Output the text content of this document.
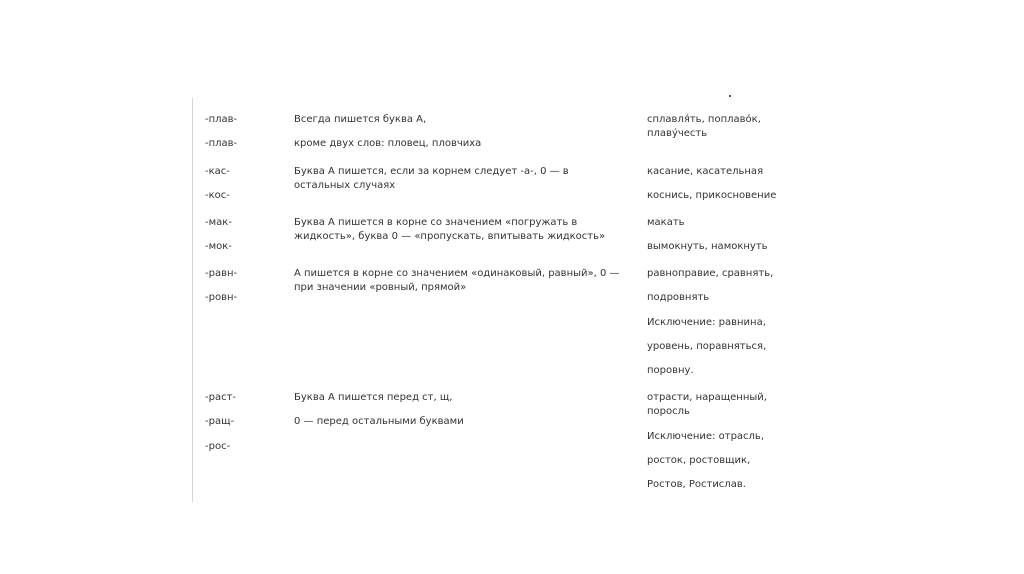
-плав-
-плав-
Всегда пишется буква А,
кроме двух слов: пловец, пловчиха
сплавля́ть, поплаво́к,
плаву́честь
-кас-
-кос-
Буква А пишется, если за корнем следует -а-, 0 — в
остальных случаях
касание, касательная
коснись, прикосновение
-мак-
-мок-
Буква А пишется в корне со значением «погружать в
жидкость», буква 0 — «пропускать, впитывать жидкость»
макать
вымокнуть, намокнуть
-равн-
-ровн-
А пишется в корне со значением «одинаковый, равный», 0 —
при значении «ровный, прямой»
равноправие, сравнять,
подровнять
Исключение: равнина,
уровень, поравняться,
поровну.
-раст-
-ращ-
-рос-
Буква А пишется перед ст, щ,
0 — перед остальными буквами
отрасти, наращенный,
поросль
Исключение: отрасль,
росток, ростовщик,
Ростов, Ростислав.
